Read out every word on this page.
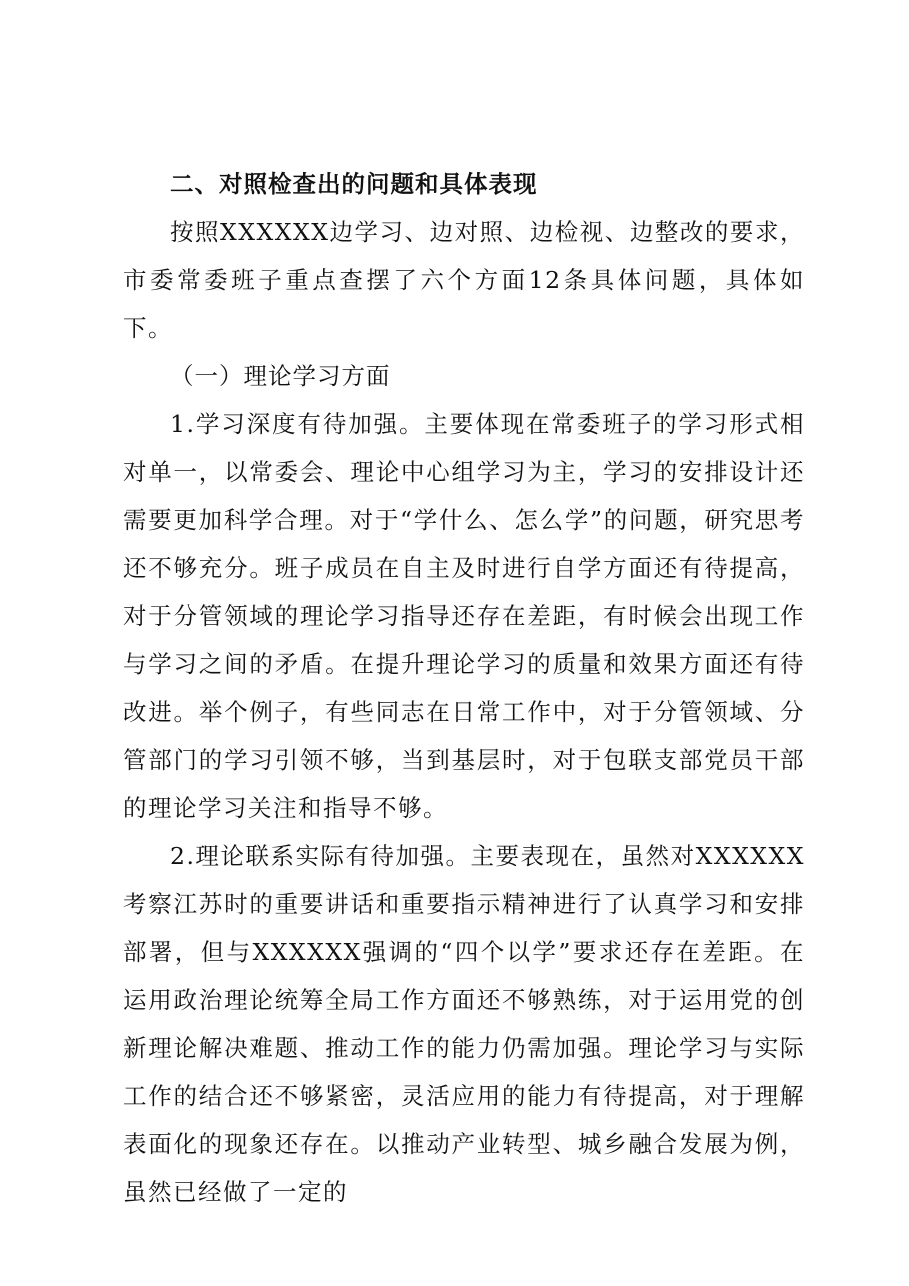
二、对照检查出的问题和具体表现

按照XXXXXX边学习、边对照、边检视、边整改的要求，市委常委班子重点查摆了六个方面12条具体问题，具体如下。

（一）理论学习方面

1.学习深度有待加强。主要体现在常委班子的学习形式相对单一，以常委会、理论中心组学习为主，学习的安排设计还需要更加科学合理。对于“学什么、怎么学”的问题，研究思考还不够充分。班子成员在自主及时进行自学方面还有待提高，对于分管领域的理论学习指导还存在差距，有时候会出现工作与学习之间的矛盾。在提升理论学习的质量和效果方面还有待改进。举个例子，有些同志在日常工作中，对于分管领域、分管部门的学习引领不够，当到基层时，对于包联支部党员干部的理论学习关注和指导不够。

2.理论联系实际有待加强。主要表现在，虽然对XXXXXX考察江苏时的重要讲话和重要指示精神进行了认真学习和安排部署，但与XXXXXX强调的“四个以学”要求还存在差距。在运用政治理论统筹全局工作方面还不够熟练，对于运用党的创新理论解决难题、推动工作的能力仍需加强。理论学习与实际工作的结合还不够紧密，灵活应用的能力有待提高，对于理解表面化的现象还存在。以推动产业转型、城乡融合发展为例，虽然已经做了一定的
